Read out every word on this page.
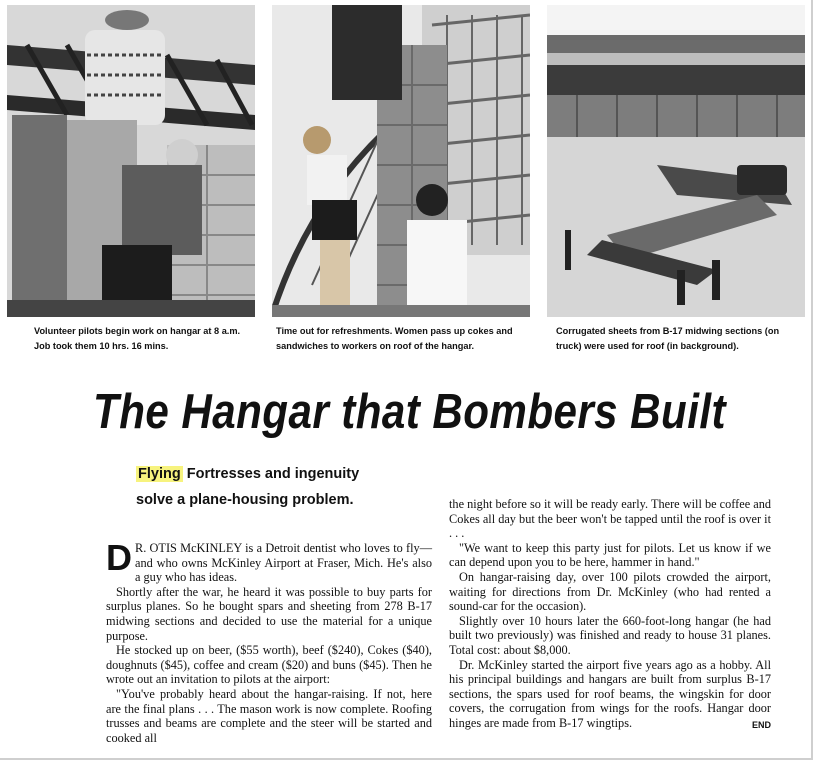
Volunteer pilots begin work on hangar at 8 a.m. Job took them 10 hrs. 16 mins.
Time out for refreshments. Women pass up cokes and sandwiches to workers on roof of the hangar.
Corrugated sheets from B-17 midwing sections (on truck) were used for roof (in background).
The Hangar that Bombers Built
Flying Fortresses and ingenuity
solve a plane-housing problem.

D R. OTIS McKINLEY is a Detroit dentist who loves to fly—and who owns McKinley Airport at Fraser, Mich. He's also a guy who has ideas.

Shortly after the war, he heard it was possible to buy parts for surplus planes. So he bought spars and sheeting from 278 B-17 midwing sections and decided to use the material for a unique purpose.

He stocked up on beer, ($55 worth), beef ($240), Cokes ($40), doughnuts ($45), coffee and cream ($20) and buns ($45). Then he wrote out an invitation to pilots at the airport:

"You've probably heard about the hangar-raising. If not, here are the final plans . . . The mason work is now complete. Roofing trusses and beams are complete and the steer will be started and cooked all

the night before so it will be ready early. There will be coffee and Cokes all day but the beer won't be tapped until the roof is over it . . .

"We want to keep this party just for pilots. Let us know if we can depend upon you to be here, hammer in hand."

On hangar-raising day, over 100 pilots crowded the airport, waiting for directions from Dr. McKinley (who had rented a sound-car for the occasion).

Slightly over 10 hours later the 660-foot-long hangar (he had built two previously) was finished and ready to house 31 planes. Total cost: about $8,000.

Dr. McKinley started the airport five years ago as a hobby. All his principal buildings and hangars are built from surplus B-17 sections, the spars used for roof beams, the wingskin for door covers, the corrugation from wings for the roofs. Hangar door hinges are made from B-17 wingtips.	END
